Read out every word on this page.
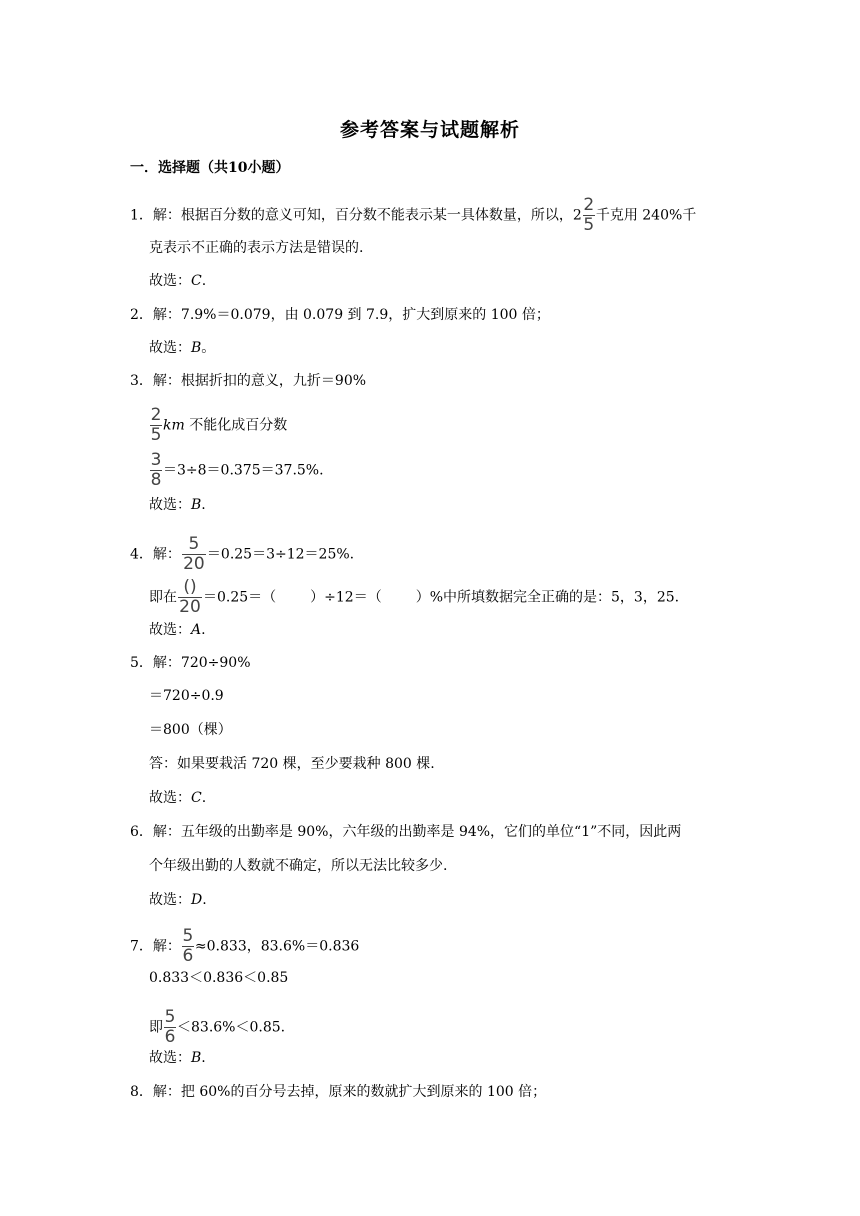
参考答案与试题解析
一．选择题（共10小题）
1．解：根据百分数的意义可知，百分数不能表示某一具体数量，所以，$2 \frac{2}{5}$ 千克用 240%千
克表示不正确的表示方法是错误的.
故选：C.
2．解：7.9%＝0.079，由 0.079 到 7.9，扩大到原来的 100 倍；
故选：B。
3．解：根据折扣的意义，九折＝90%
$\frac{2}{5}$ km 不能化成百分数
$\frac{3}{8} =3\div 8=0.375=37.5\%$.
故选：B.
4．解： $\frac{5}{20} =0.25=3\div 12=25\%$.
即在 $\frac{()}{20} =0.25=$（ ）÷12＝（ ）%中所填数据完全正确的是：5，3，25.
故选：A.
5．解：720÷90%
＝720÷0.9
＝800（棵）
答：如果要栽活 720 棵，至少要栽种 800 棵.
故选：C.
6．解：五年级的出勤率是 90%，六年级的出勤率是 94%，它们的单位“1”不同，因此两
个年级出勤的人数就不确定，所以无法比较多少.
故选：D.
7．解： $\frac{5}{6} \approx 0.833$，83.6%＝0.836
0.833＜0.836＜0.85
即 $\frac{5}{6} <83.6\%<0.85$.
故选：B.
8．解：把 60%的百分号去掉，原来的数就扩大到原来的 100 倍；
